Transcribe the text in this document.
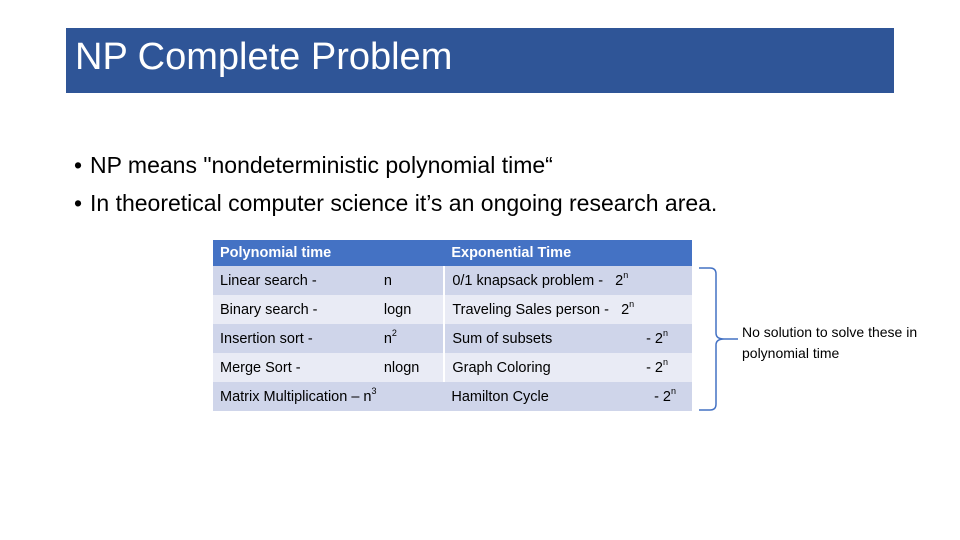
NP Complete Problem
• NP means "nondeterministic polynomial time“
• In theoretical computer science it’s an ongoing research area.
Polynomial time		Exponential Time
Linear search -	n	0/1 knapsack problem - 2$^n$
Binary search -	logn	Traveling Sales person - 2$^n$
Insertion sort -	$n^2$	Sum of subsets - 2$^n$

Merge Sort -	nlogn	Graph Coloring - 2$^n$

Matrix Multiplication – $n^3$		Hamilton Cycle - 2$^n$
No solution to solve these in polynomial time
